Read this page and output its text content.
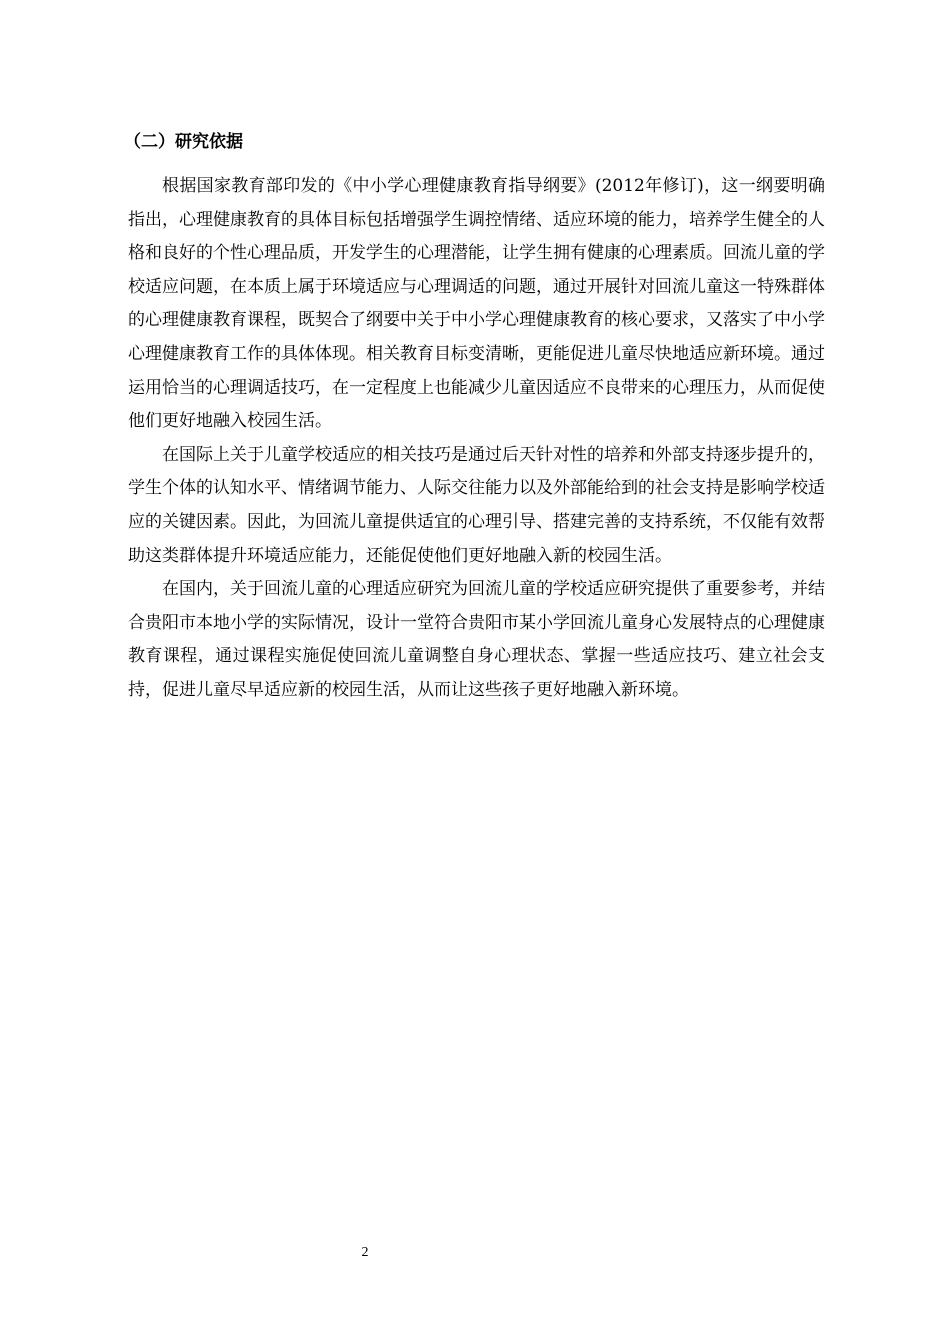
（二）研究依据

根据国家教育部印发的《中小学心理健康教育指导纲要》(2012年修订)，这一纲要明确指出，心理健康教育的具体目标包括增强学生调控情绪、适应环境的能力，培养学生健全的人格和良好的个性心理品质，开发学生的心理潜能，让学生拥有健康的心理素质。回流儿童的学校适应问题，在本质上属于环境适应与心理调适的问题，通过开展针对回流儿童这一特殊群体的心理健康教育课程，既契合了纲要中关于中小学心理健康教育的核心要求，又落实了中小学心理健康教育工作的具体体现。相关教育目标变清晰，更能促进儿童尽快地适应新环境。通过运用恰当的心理调适技巧，在一定程度上也能减少儿童因适应不良带来的心理压力，从而促使他们更好地融入校园生活。

在国际上关于儿童学校适应的相关技巧是通过后天针对性的培养和外部支持逐步提升的，学生个体的认知水平、情绪调节能力、人际交往能力以及外部能给到的社会支持是影响学校适应的关键因素。因此，为回流儿童提供适宜的心理引导、搭建完善的支持系统，不仅能有效帮助这类群体提升环境适应能力，还能促使他们更好地融入新的校园生活。

在国内，关于回流儿童的心理适应研究为回流儿童的学校适应研究提供了重要参考，并结合贵阳市本地小学的实际情况，设计一堂符合贵阳市某小学回流儿童身心发展特点的心理健康教育课程，通过课程实施促使回流儿童调整自身心理状态、掌握一些适应技巧、建立社会支持，促进儿童尽早适应新的校园生活，从而让这些孩子更好地融入新环境。

2
